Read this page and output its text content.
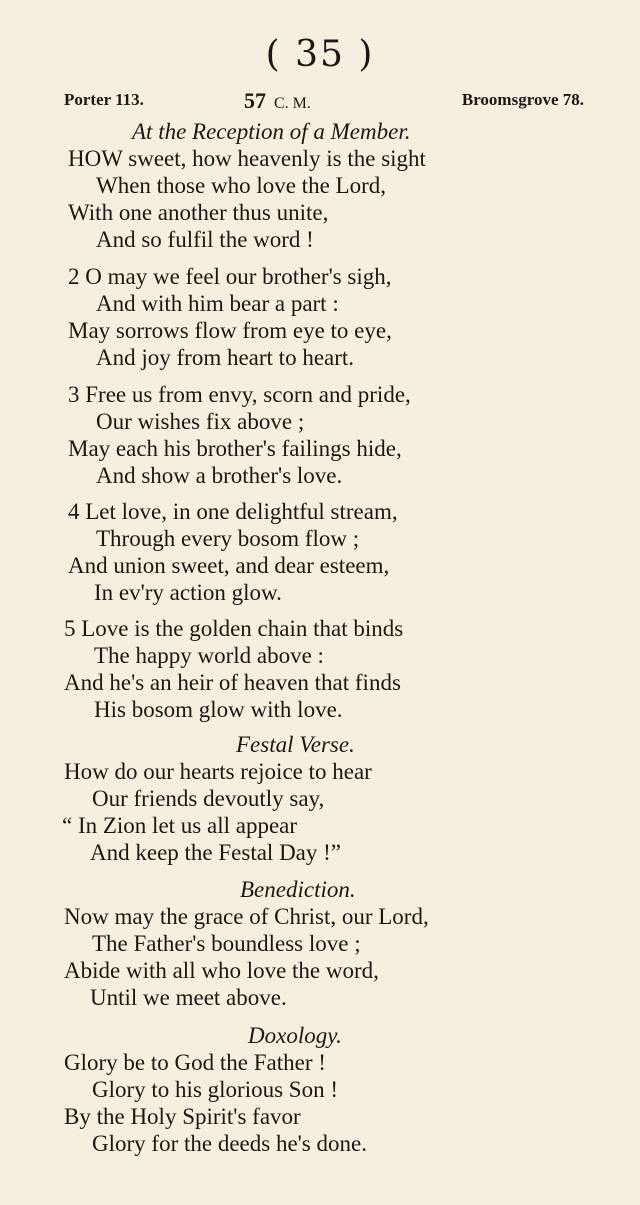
( 35 )
Porter 113.	57 C. M.	Broomsgrove 78.
At the Reception of a Member.
HOW sweet, how heavenly is the sight
When those who love the Lord,
With one another thus unite,
And so fulfil the word !
2 O may we feel our brother's sigh,
And with him bear a part :
May sorrows flow from eye to eye,
And joy from heart to heart.
3 Free us from envy, scorn and pride,
Our wishes fix above ;
May each his brother's failings hide,
And show a brother's love.
4 Let love, in one delightful stream,
Through every bosom flow ;
And union sweet, and dear esteem,
In ev'ry action glow.
5 Love is the golden chain that binds
The happy world above :
And he's an heir of heaven that finds
His bosom glow with love.
Festal Verse.
How do our hearts rejoice to hear
Our friends devoutly say,
“ In Zion let us all appear
And keep the Festal Day !”
Benediction.
Now may the grace of Christ, our Lord,
The Father's boundless love ;
Abide with all who love the word,
Until we meet above.
Doxology.
Glory be to God the Father !
Glory to his glorious Son !
By the Holy Spirit's favor
Glory for the deeds he's done.
